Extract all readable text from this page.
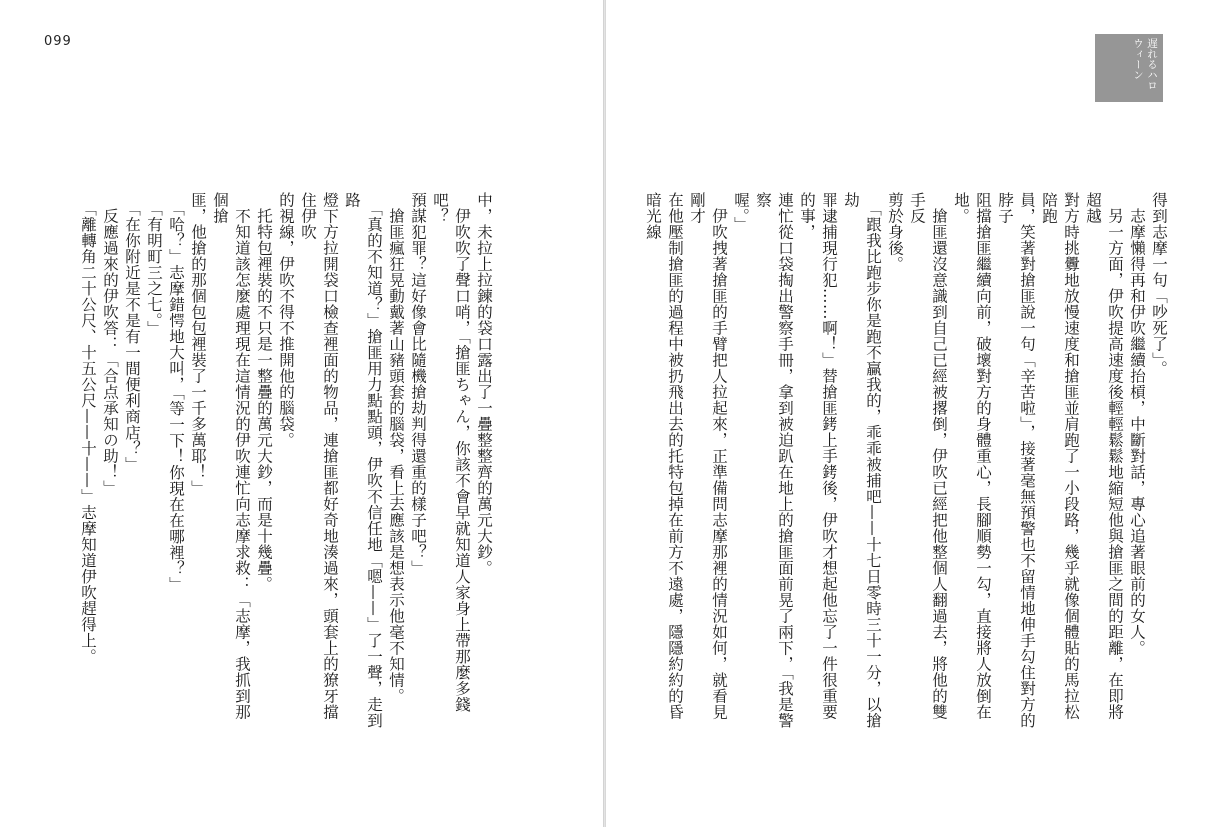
099	遅れるハロウィーン

得到志摩一句「吵死了」。

　志摩懶得再和伊吹繼續抬槓，中斷對話，專心追著眼前的女人。

　另一方面，伊吹提高速度後輕輕鬆鬆地縮短他與搶匪之間的距離，在即將超越

對方時挑釁地放慢速度和搶匪並肩跑了一小段路，幾乎就像個體貼的馬拉松陪跑

員，笑著對搶匪說一句「辛苦啦」，接著毫無預警也不留情地伸手勾住對方的脖子

阻擋搶匪繼續向前，破壞對方的身體重心，長腳順勢一勾，直接將人放倒在地。

　搶匪還沒意識到自己已經被撂倒，伊吹已經把他整個人翻過去，將他的雙手反

剪於身後。

　「跟我比跑步你是跑不贏我的，乖乖被捕吧——十七日零時三十一分，以搶劫

罪逮捕現行犯……啊！」替搶匪銬上手銬後，伊吹才想起他忘了一件很重要的事，

連忙從口袋掏出警察手冊，拿到被迫趴在地上的搶匪面前晃了兩下，「我是警察

喔。」

　伊吹拽著搶匪的手臂把人拉起來，正準備問志摩那裡的情況如何，就看見剛才

在他壓制搶匪的過程中被扔飛出去的托特包掉在前方不遠處，隱隱約約的昏暗光線

中，未拉上拉鍊的袋口露出了一疊整整齊的萬元大鈔。

　伊吹吹了聲口哨，「搶匪ちゃん，你該不會早就知道人家身上帶那麼多錢吧？

預謀犯罪？這好像會比隨機搶劫判得還重的樣子吧？」

　搶匪瘋狂晃動戴著山豬頭套的腦袋，看上去應該是想表示他毫不知情。

　「真的不知道？」搶匪用力點點頭，伊吹不信任地「嗯——」了一聲，走到路

燈下方拉開袋口檢查裡面的物品，連搶匪都好奇地湊過來，頭套上的獠牙擋住伊吹

的視線，伊吹不得不推開他的腦袋。

　托特包裡裝的不只是一整疊的萬元大鈔，而是十幾疊。

　不知道該怎麼處理現在這情況的伊吹連忙向志摩求救：「志摩，我抓到那個搶

匪，他搶的那個包包裡裝了一千多萬耶！」

　「哈？」志摩錯愕地大叫，「等一下！你現在在哪裡？」

　「有明町三之七。」

　「在你附近是不是有一間便利商店？」

　反應過來的伊吹答：「合点承知の助！」

　「離轉角二十公尺、十五公尺——十——」志摩知道伊吹趕得上。
